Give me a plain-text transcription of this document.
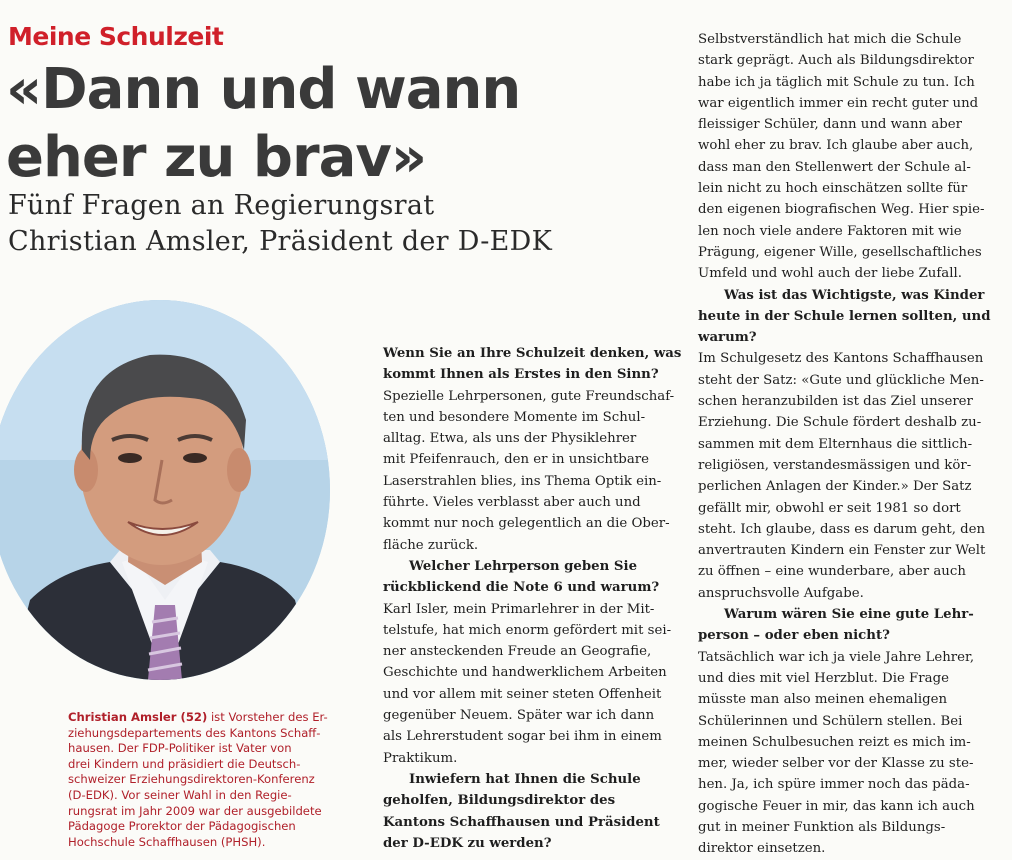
Meine Schulzeit
«Dann und wann
eher zu brav»
Fünf Fragen an Regierungsrat
Christian Amsler, Präsident der D-EDK
Christian Amsler (52) ist Vorsteher des Er-
ziehungsdepartements des Kantons Schaff-
hausen. Der FDP-Politiker ist Vater von
drei Kindern und präsidiert die Deutsch-
schweizer Erziehungsdirektoren-Konferenz
(D-EDK). Vor seiner Wahl in den Regie-
rungsrat im Jahr 2009 war der ausgebildete
Pädagoge Prorektor der Pädagogischen
Hochschule Schaffhausen (PHSH).
Wenn Sie an Ihre Schulzeit denken, was
kommt Ihnen als Erstes in den Sinn?
Spezielle Lehrpersonen, gute Freundschaf-
ten und besondere Momente im Schul-
alltag. Etwa, als uns der Physiklehrer
mit Pfeifenrauch, den er in unsichtbare
Laserstrahlen blies, ins Thema Optik ein-
führte. Vieles verblasst aber auch und
kommt nur noch gelegentlich an die Ober-
fläche zurück.
Welcher Lehrperson geben Sie
rückblickend die Note 6 und warum?
Karl Isler, mein Primarlehrer in der Mit-
telstufe, hat mich enorm gefördert mit sei-
ner ansteckenden Freude an Geografie,
Geschichte und handwerklichem Arbeiten
und vor allem mit seiner steten Offenheit
gegenüber Neuem. Später war ich dann
als Lehrerstudent sogar bei ihm in einem
Praktikum.
Inwiefern hat Ihnen die Schule
geholfen, Bildungsdirektor des
Kantons Schaffhausen und Präsident
der D-EDK zu werden?
Selbstverständlich hat mich die Schule
stark geprägt. Auch als Bildungsdirektor
habe ich ja täglich mit Schule zu tun. Ich
war eigentlich immer ein recht guter und
fleissiger Schüler, dann und wann aber
wohl eher zu brav. Ich glaube aber auch,
dass man den Stellenwert der Schule al-
lein nicht zu hoch einschätzen sollte für
den eigenen biografischen Weg. Hier spie-
len noch viele andere Faktoren mit wie
Prägung, eigener Wille, gesellschaftliches
Umfeld und wohl auch der liebe Zufall.
Was ist das Wichtigste, was Kinder
heute in der Schule lernen sollten, und
warum?
Im Schulgesetz des Kantons Schaffhausen
steht der Satz: «Gute und glückliche Men-
schen heranzubilden ist das Ziel unserer
Erziehung. Die Schule fördert deshalb zu-
sammen mit dem Elternhaus die sittlich-
religiösen, verstandesmässigen und kör-
perlichen Anlagen der Kinder.» Der Satz
gefällt mir, obwohl er seit 1981 so dort
steht. Ich glaube, dass es darum geht, den
anvertrauten Kindern ein Fenster zur Welt
zu öffnen – eine wunderbare, aber auch
anspruchsvolle Aufgabe.
Warum wären Sie eine gute Lehr-
person – oder eben nicht?
Tatsächlich war ich ja viele Jahre Lehrer,
und dies mit viel Herzblut. Die Frage
müsste man also meinen ehemaligen
Schülerinnen und Schülern stellen. Bei
meinen Schulbesuchen reizt es mich im-
mer, wieder selber vor der Klasse zu ste-
hen. Ja, ich spüre immer noch das päda-
gogische Feuer in mir, das kann ich auch
gut in meiner Funktion als Bildungs-
direktor einsetzen.
